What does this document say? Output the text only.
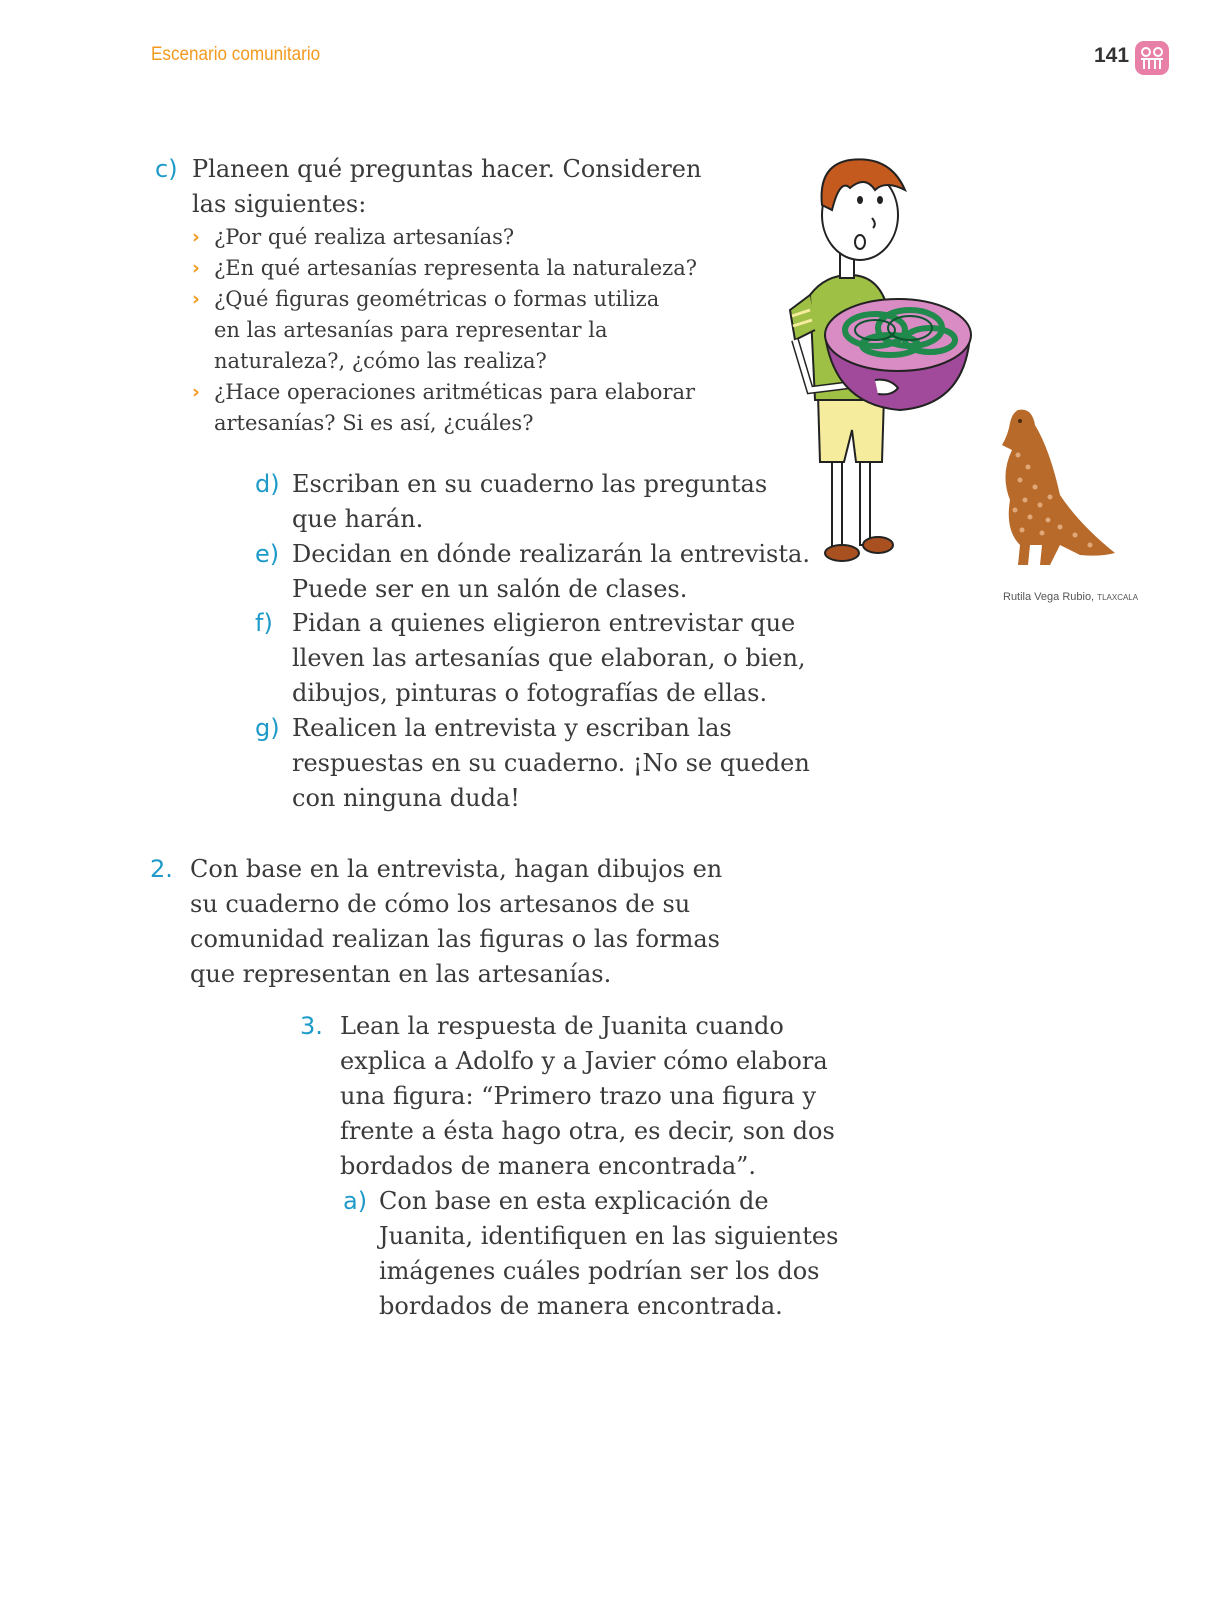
Escenario comunitario	141
c) Planeen qué preguntas hacer. Consideren
las siguientes:
› ¿Por qué realiza artesanías?
› ¿En qué artesanías representa la naturaleza?
› ¿Qué figuras geométricas o formas utiliza en las artesanías para representar la naturaleza?, ¿cómo las realiza?
› ¿Hace operaciones aritméticas para elaborar artesanías? Si es así, ¿cuáles?
d) Escriban en su cuaderno las preguntas que harán.
e) Decidan en dónde realizarán la entrevista. Puede ser en un salón de clases.
f) Pidan a quienes eligieron entrevistar que lleven las artesanías que elaboran, o bien, dibujos, pinturas o fotografías de ellas.
g) Realicen la entrevista y escriban las respuestas en su cuaderno. ¡No se queden con ninguna duda!
2. Con base en la entrevista, hagan dibujos en su cuaderno de cómo los artesanos de su comunidad realizan las figuras o las formas que representan en las artesanías.
3. Lean la respuesta de Juanita cuando explica a Adolfo y a Javier cómo elabora una figura: “Primero trazo una figura y frente a ésta hago otra, es decir, son dos bordados de manera encontrada”.
a) Con base en esta explicación de Juanita, identifiquen en las siguientes imágenes cuáles podrían ser los dos bordados de manera encontrada.
Rutila Vega Rubio, TLAXCALA
